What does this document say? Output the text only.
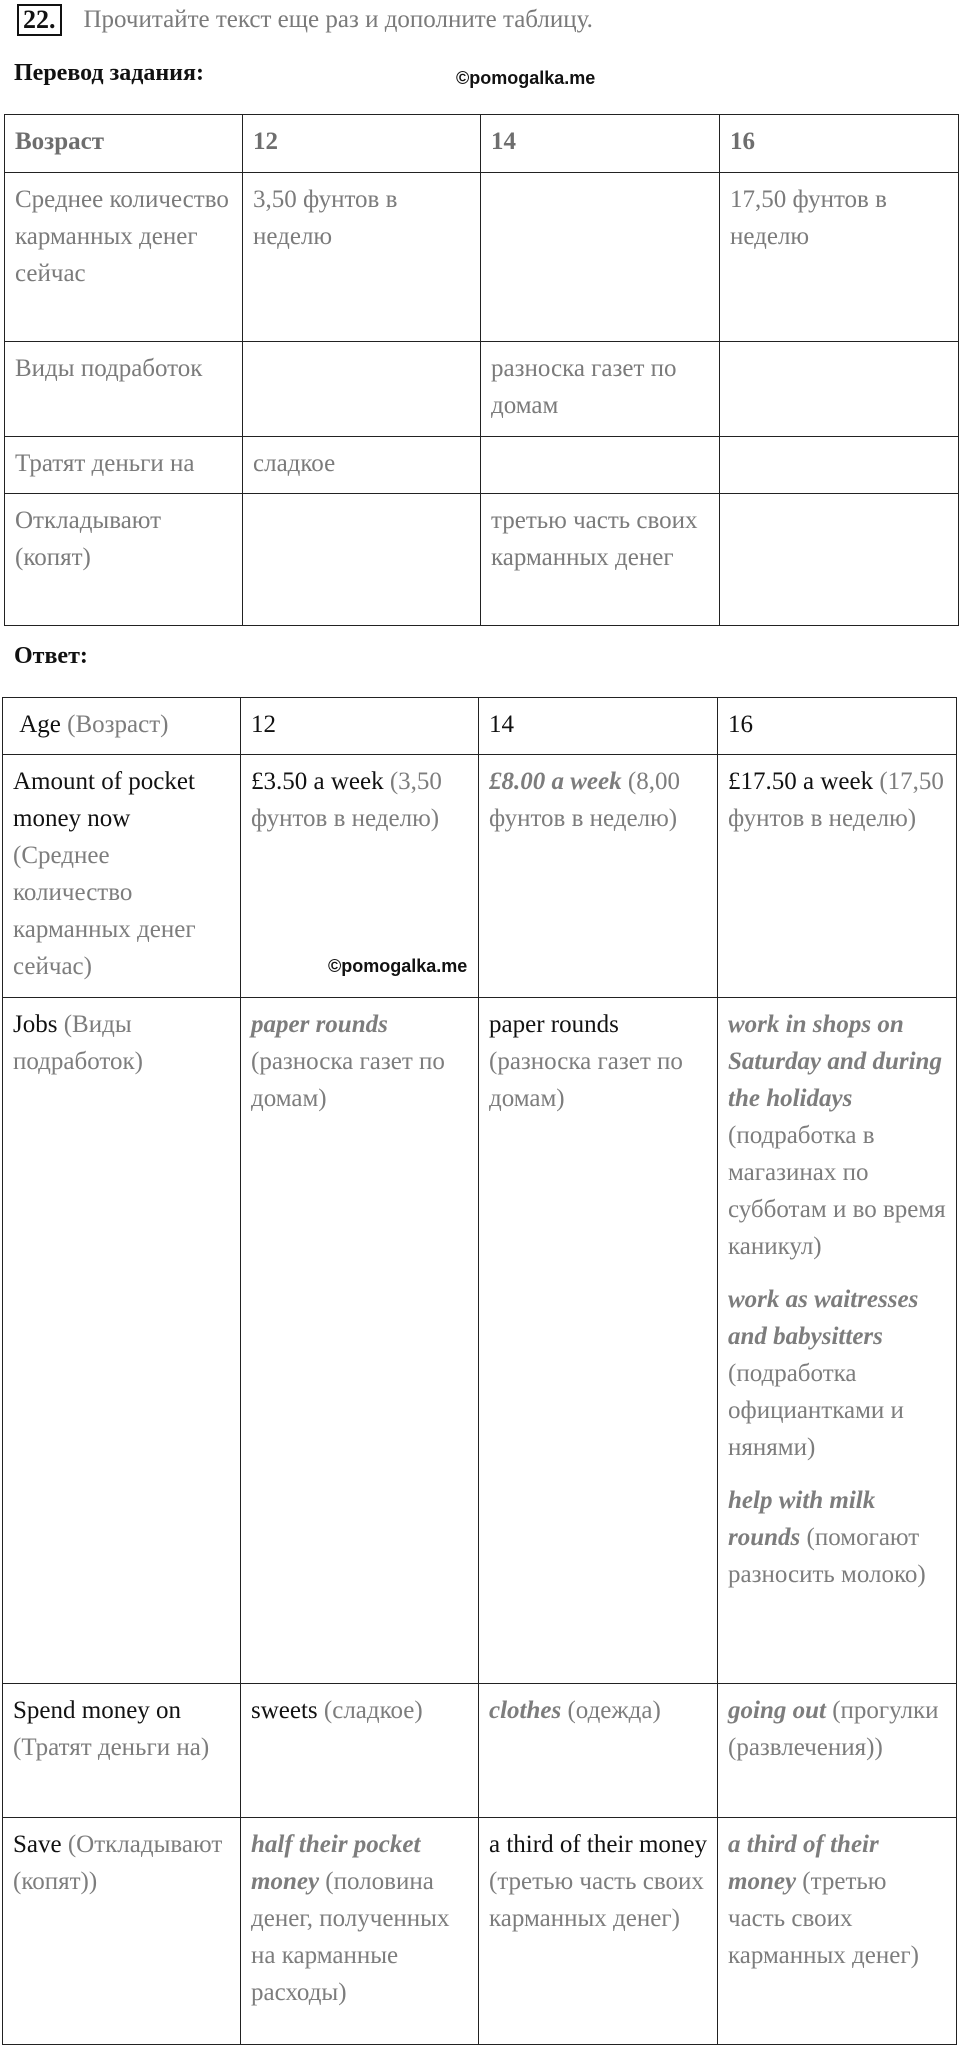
22. Прочитайте текст еще раз и дополните таблицу.
Перевод задания:	©pomogalka.me
Возраст	12	14	16
Среднее количество карманных денег сейчас	3,50 фунтов в неделю		17,50 фунтов в неделю
Виды подработок		разноска газет по домам	
Тратят деньги на	сладкое		
Откладывают (копят)		третью часть своих карманных денег	
Ответ:
©pomogalka.me
Age (Возраст)	12	14	16
Amount of pocket money now (Среднее количество карманных денег сейчас)	£3.50 a week (3,50 фунтов в неделю)	£8.00 a week (8,00 фунтов в неделю)	£17.50 a week (17,50 фунтов в неделю)
Jobs (Виды подработок)	paper rounds (разноска газет по домам)	paper rounds (разноска газет по домам)	work in shops on Saturday and during the holidays (подработка в магазинах по субботам и во время каникул)
work as waitresses and babysitters (подработка официантками и нянями)
help with milk rounds (помогают разносить молоко)

Spend money on (Тратят деньги на)	sweets (сладкое)	clothes (одежда)	going out (прогулки (развлечения))
Save (Откладывают (копят))	half their pocket money (половина денег, полученных на карманные расходы)	a third of their money (третью часть своих карманных денег)	a third of their money (третью часть своих карманных денег)
